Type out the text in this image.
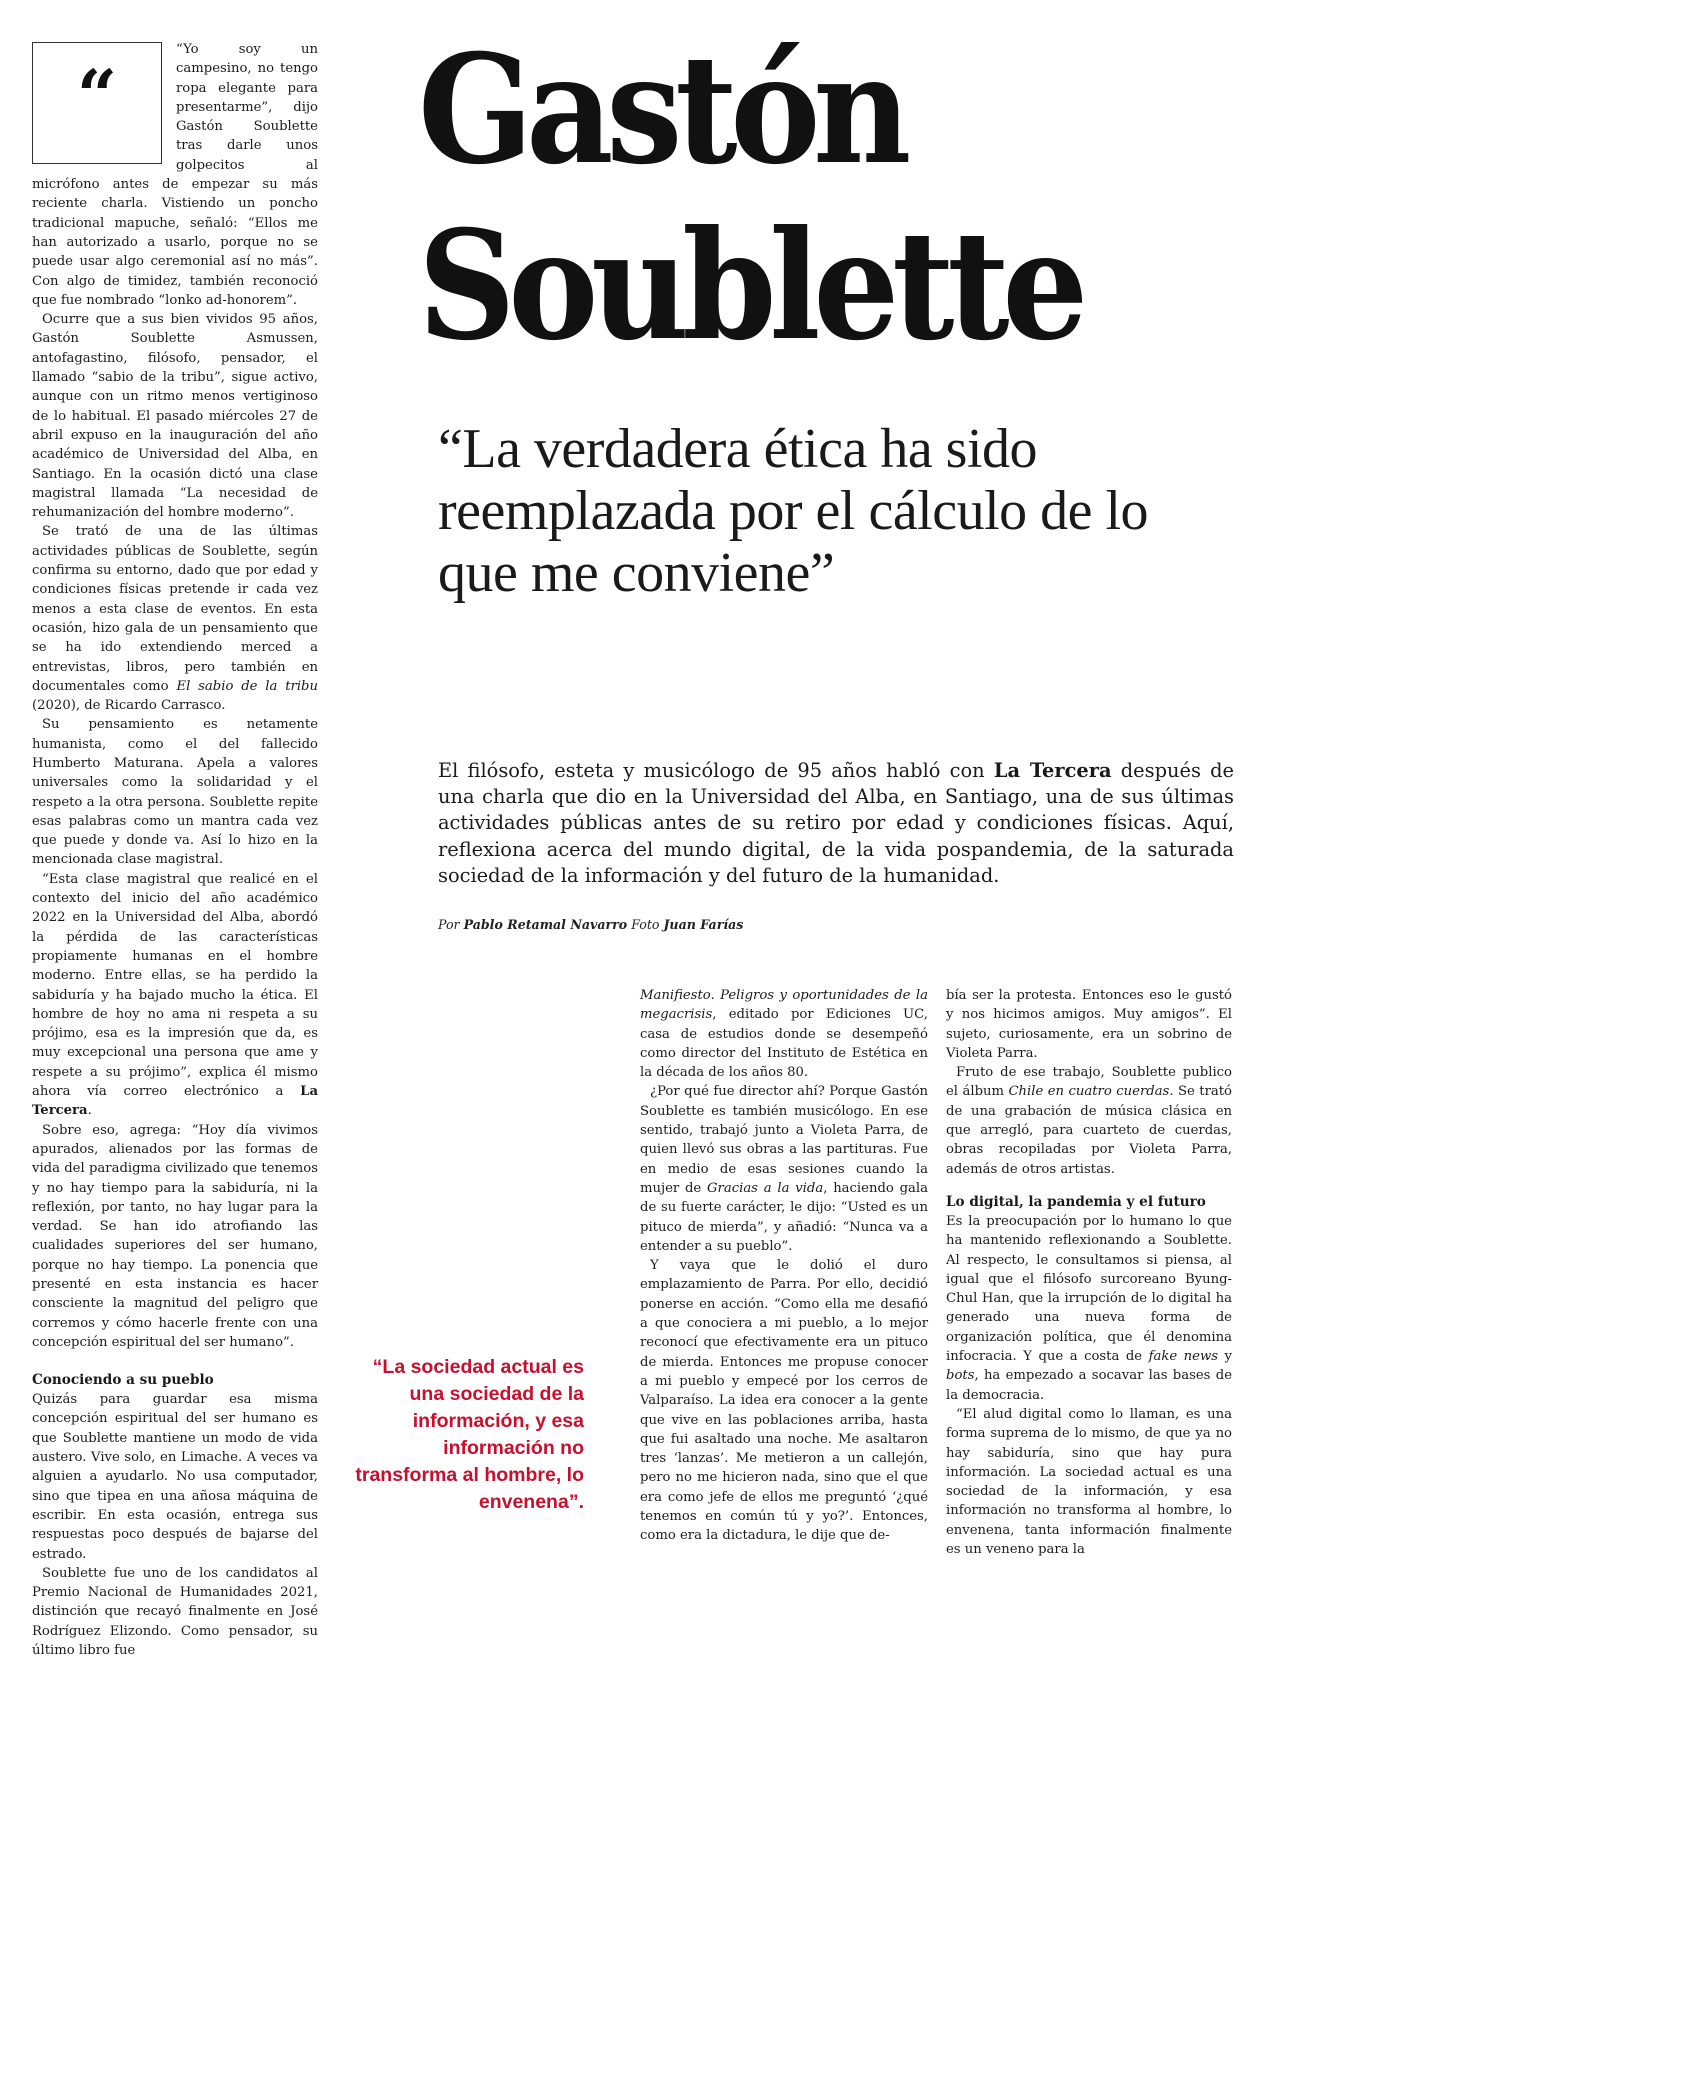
“

“Yo soy un campesino, no tengo ropa elegante para presentarme”, dijo Gastón Soublette tras darle unos golpecitos al micrófono antes de empezar su más reciente charla. Vistiendo un poncho tradicional mapuche, señaló: “Ellos me han autorizado a usarlo, porque no se puede usar algo ceremonial así no más”. Con algo de timidez, también reconoció que fue nombrado “lonko ad-honorem”.

Ocurre que a sus bien vividos 95 años, Gastón Soublette Asmussen, antofagastino, filósofo, pensador, el llamado “sabio de la tribu”, sigue activo, aunque con un ritmo menos vertiginoso de lo habitual. El pasado miércoles 27 de abril expuso en la inauguración del año académico de Universidad del Alba, en Santiago. En la ocasión dictó una clase magistral llamada “La necesidad de rehumanización del hombre moderno”.

Se trató de una de las últimas actividades públicas de Soublette, según confirma su entorno, dado que por edad y condiciones físicas pretende ir cada vez menos a esta clase de eventos. En esta ocasión, hizo gala de un pensamiento que se ha ido extendiendo merced a entrevistas, libros, pero también en documentales como El sabio de la tribu (2020), de Ricardo Carrasco.

Su pensamiento es netamente humanista, como el del fallecido Humberto Maturana. Apela a valores universales como la solidaridad y el respeto a la otra persona. Soublette repite esas palabras como un mantra cada vez que puede y donde va. Así lo hizo en la mencionada clase magistral.

“Esta clase magistral que realicé en el contexto del inicio del año académico 2022 en la Universidad del Alba, abordó la pérdida de las características propiamente humanas en el hombre moderno. Entre ellas, se ha perdido la sabiduría y ha bajado mucho la ética. El hombre de hoy no ama ni respeta a su prójimo, esa es la impresión que da, es muy excepcional una persona que ame y respete a su prójimo”, explica él mismo ahora vía correo electrónico a La Tercera.

Sobre eso, agrega: “Hoy día vivimos apurados, alienados por las formas de vida del paradigma civilizado que tenemos y no hay tiempo para la sabiduría, ni la reflexión, por tanto, no hay lugar para la verdad. Se han ido atrofiando las cualidades superiores del ser humano, porque no hay tiempo. La ponencia que presenté en esta instancia es hacer consciente la magnitud del peligro que corremos y cómo hacerle frente con una concepción espiritual del ser humano”.

Conociendo a su pueblo

Quizás para guardar esa misma concepción espiritual del ser humano es que Soublette mantiene un modo de vida austero. Vive solo, en Limache. A veces va alguien a ayudarlo. No usa computador, sino que tipea en una añosa máquina de escribir. En esta ocasión, entrega sus respuestas poco después de bajarse del estrado.

Soublette fue uno de los candidatos al Premio Nacional de Humanidades 2021, distinción que recayó finalmente en José Rodríguez Elizondo. Como pensador, su último libro fue

Gastón
Soublette
“La verdadera ética ha sido reemplazada por el cálculo de lo que me conviene”
El filósofo, esteta y musicólogo de 95 años habló con La Tercera después de una charla que dio en la Universidad del Alba, en Santiago, una de sus últimas actividades públicas antes de su retiro por edad y condiciones físicas. Aquí, reflexiona acerca del mundo digital, de la vida pospandemia, de la saturada sociedad de la información y del futuro de la humanidad.
Por Pablo Retamal Navarro Foto Juan Farías
“La sociedad actual es una sociedad de la información, y esa información no transforma al hombre, lo envenena”.

Manifiesto. Peligros y oportunidades de la megacrisis, editado por Ediciones UC, casa de estudios donde se desempeñó como director del Instituto de Estética en la década de los años 80.

¿Por qué fue director ahí? Porque Gastón Soublette es también musicólogo. En ese sentido, trabajó junto a Violeta Parra, de quien llevó sus obras a las partituras. Fue en medio de esas sesiones cuando la mujer de Gracias a la vida, haciendo gala de su fuerte carácter, le dijo: “Usted es un pituco de mierda”, y añadió: “Nunca va a entender a su pueblo”.

Y vaya que le dolió el duro emplazamiento de Parra. Por ello, decidió ponerse en acción. “Como ella me desafió a que conociera a mi pueblo, a lo mejor reconocí que efectivamente era un pituco de mierda. Entonces me propuse conocer a mi pueblo y empecé por los cerros de Valparaíso. La idea era conocer a la gente que vive en las poblaciones arriba, hasta que fui asaltado una noche. Me asaltaron tres ‘lanzas’. Me metieron a un callejón, pero no me hicieron nada, sino que el que era como jefe de ellos me preguntó ‘¿qué tenemos en común tú y yo?’. Entonces, como era la dictadura, le dije que de-

bía ser la protesta. Entonces eso le gustó y nos hicimos amigos. Muy amigos”. El sujeto, curiosamente, era un sobrino de Violeta Parra.

Fruto de ese trabajo, Soublette publico el álbum Chile en cuatro cuerdas. Se trató de una grabación de música clásica en que arregló, para cuarteto de cuerdas, obras recopiladas por Violeta Parra, además de otros artistas.

Lo digital, la pandemia y el futuro

Es la preocupación por lo humano lo que ha mantenido reflexionando a Soublette. Al respecto, le consultamos si piensa, al igual que el filósofo surcoreano Byung-Chul Han, que la irrupción de lo digital ha generado una nueva forma de organización política, que él denomina infocracia. Y que a costa de fake news y bots, ha empezado a socavar las bases de la democracia.

“El alud digital como lo llaman, es una forma suprema de lo mismo, de que ya no hay sabiduría, sino que hay pura información. La sociedad actual es una sociedad de la información, y esa información no transforma al hombre, lo envenena, tanta información finalmente es un veneno para la
